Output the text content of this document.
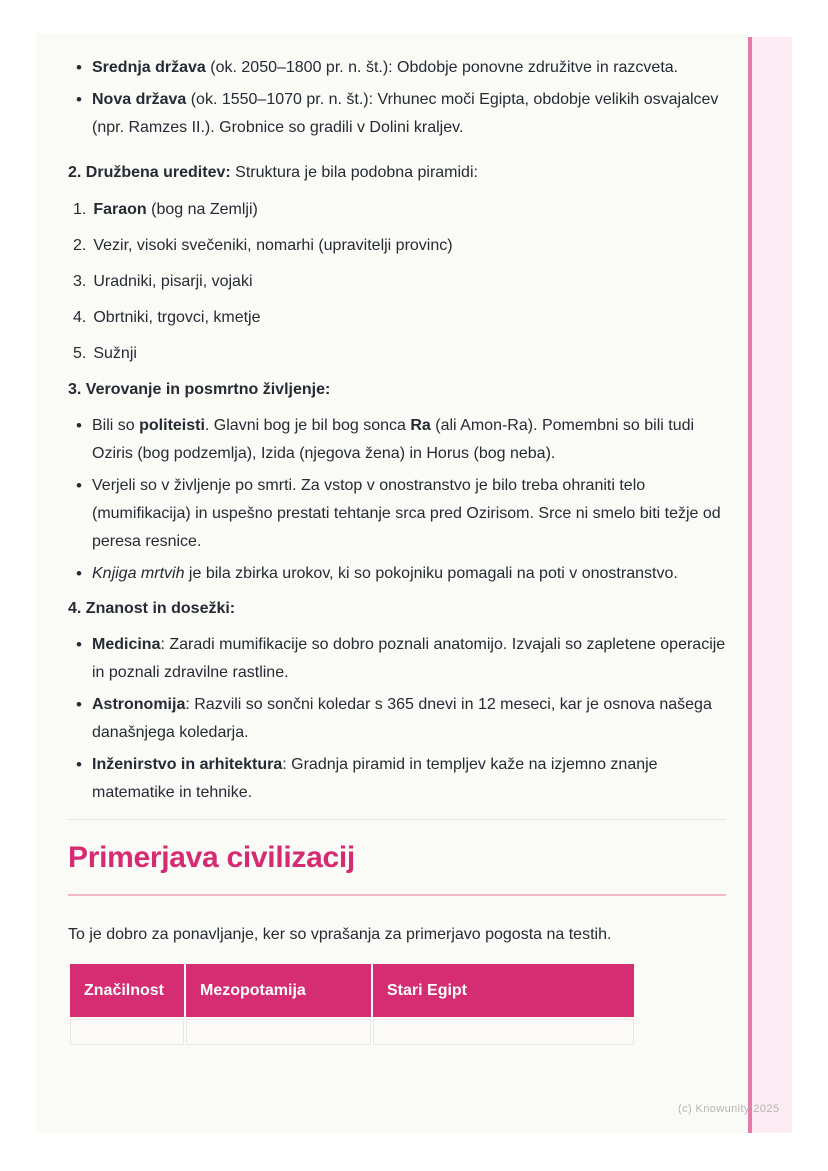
• Srednja država (ok. 2050–1800 pr. n. št.): Obdobje ponovne združitve in razcveta.
• Nova država (ok. 1550–1070 pr. n. št.): Vrhunec moči Egipta, obdobje velikih osvajalcev (npr. Ramzes II.). Grobnice so gradili v Dolini kraljev.

2. Družbena ureditev: Struktura je bila podobna piramidi:

1. Faraon (bog na Zemlji)
2. Vezir, visoki svečeniki, nomarhi (upravitelji provinc)
3. Uradniki, pisarji, vojaki
4. Obrtniki, trgovci, kmetje
5. Sužnji

3. Verovanje in posmrtno življenje:

• Bili so politeisti. Glavni bog je bil bog sonca Ra (ali Amon-Ra). Pomembni so bili tudi Oziris (bog podzemlja), Izida (njegova žena) in Horus (bog neba).
• Verjeli so v življenje po smrti. Za vstop v onostranstvo je bilo treba ohraniti telo (mumifikacija) in uspešno prestati tehtanje srca pred Ozirisom. Srce ni smelo biti težje od peresa resnice.
• Knjiga mrtvih je bila zbirka urokov, ki so pokojniku pomagali na poti v onostranstvo.

4. Znanost in dosežki:

• Medicina: Zaradi mumifikacije so dobro poznali anatomijo. Izvajali so zapletene operacije in poznali zdravilne rastline.
• Astronomija: Razvili so sončni koledar s 365 dnevi in 12 meseci, kar je osnova našega današnjega koledarja.
• Inženirstvo in arhitektura: Gradnja piramid in templjev kaže na izjemno znanje matematike in tehnike.
Primerjava civilizacij

To je dobro za ponavljanje, ker so vprašanja za primerjavo pogosta na testih.

Značilnost	Mezopotamija	Stari Egipt

(c) Knowunity 2025
